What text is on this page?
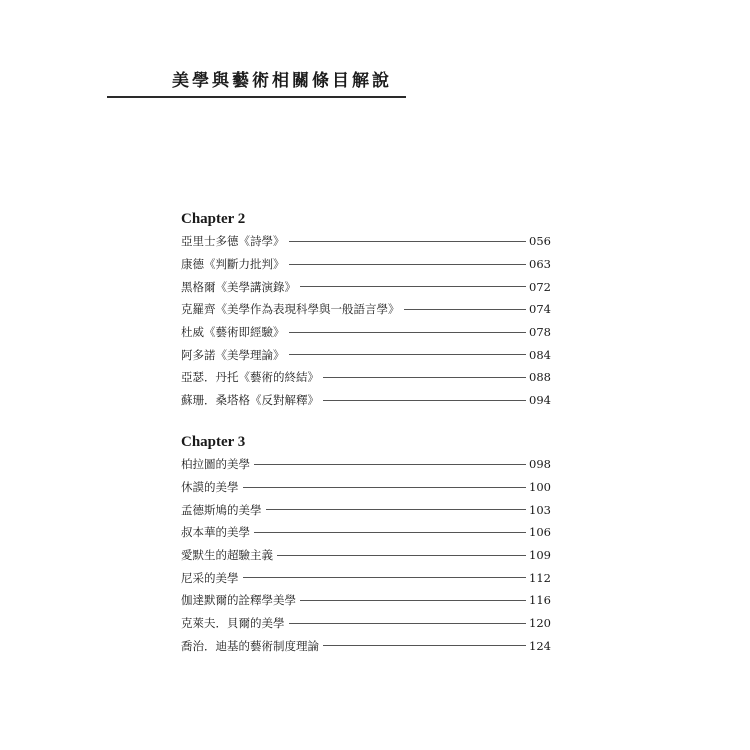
美學與藝術相關條目解說
Chapter 2
亞里士多德《詩學》	056
康德《判斷力批判》	063
黑格爾《美學講演錄》	072
克羅齊《美學作為表現科學與一般語言學》	074
杜威《藝術即經驗》	078
阿多諾《美學理論》	084
亞瑟．丹托《藝術的終結》	088
蘇珊．桑塔格《反對解釋》	094
Chapter 3
柏拉圖的美學	098
休謨的美學	100
孟德斯鳩的美學	103
叔本華的美學	106
愛默生的超驗主義	109
尼采的美學	112
伽達默爾的詮釋學美學	116
克萊夫．貝爾的美學	120
喬治．迪基的藝術制度理論	124
